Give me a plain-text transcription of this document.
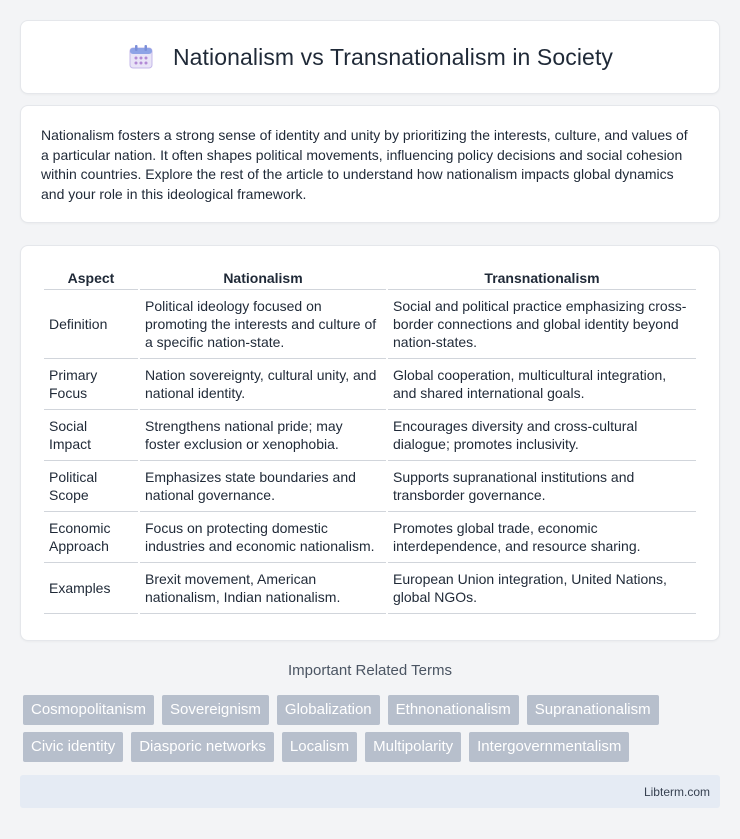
Nationalism vs Transnationalism in Society

Nationalism fosters a strong sense of identity and unity by prioritizing the interests, culture, and values of a particular nation. It often shapes political movements, influencing policy decisions and social cohesion within countries. Explore the rest of the article to understand how nationalism impacts global dynamics and your role in this ideological framework.

Aspect	Nationalism	Transnationalism
Definition	Political ideology focused on promoting the interests and culture of a specific nation-state.	Social and political practice emphasizing cross-border connections and global identity beyond nation-states.
Primary Focus	Nation sovereignty, cultural unity, and national identity.	Global cooperation, multicultural integration, and shared international goals.
Social Impact	Strengthens national pride; may foster exclusion or xenophobia.	Encourages diversity and cross-cultural dialogue; promotes inclusivity.
Political Scope	Emphasizes state boundaries and national governance.	Supports supranational institutions and transborder governance.
Economic Approach	Focus on protecting domestic industries and economic nationalism.	Promotes global trade, economic interdependence, and resource sharing.
Examples	Brexit movement, American nationalism, Indian nationalism.	European Union integration, United Nations, global NGOs.
Important Related Terms
Cosmopolitanism	Sovereignism	Globalization	Ethnonationalism	Supranationalism
Civic identity	Diasporic networks	Localism	Multipolarity	Intergovernmentalism
Libterm.com
